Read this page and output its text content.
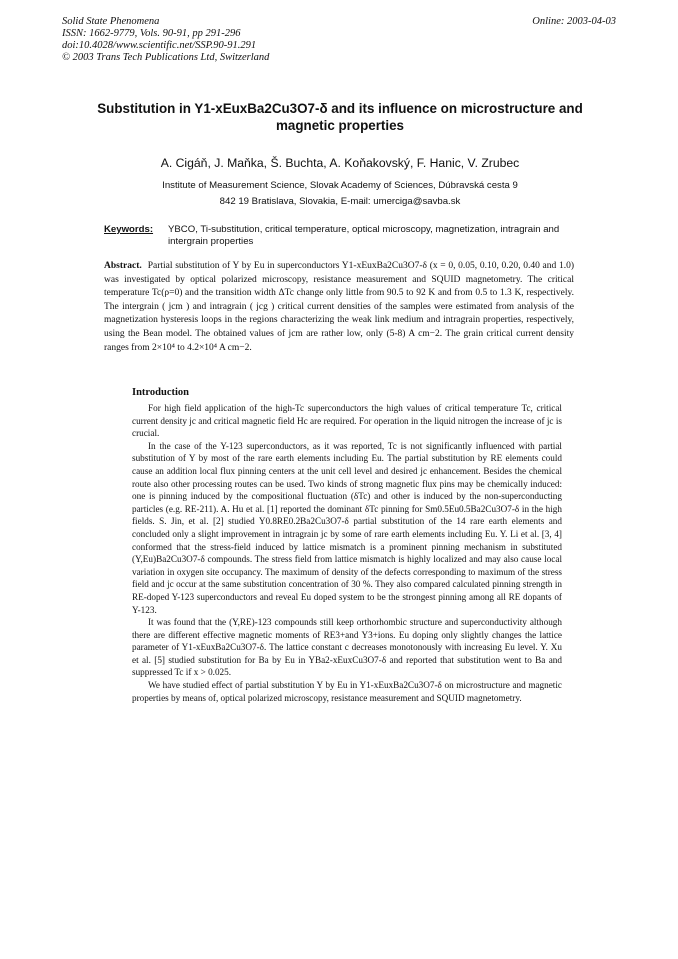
Solid State Phenomena
ISSN: 1662-9779, Vols. 90-91, pp 291-296
doi:10.4028/www.scientific.net/SSP.90-91.291
© 2003 Trans Tech Publications Ltd, Switzerland
Online: 2003-04-03
Substitution in Y1-xEuxBa2Cu3O7-δ and its influence on microstructure and magnetic properties
A. Cigáň, J. Maňka, Š. Buchta, A. Koňakovský, F. Hanic, V. Zrubec
Institute of Measurement Science, Slovak Academy of Sciences, Dúbravská cesta 9
842 19 Bratislava, Slovakia, E-mail: umerciga@savba.sk
Keywords: YBCO, Ti-substitution, critical temperature, optical microscopy, magnetization, intragrain and intergrain properties
Abstract. Partial substitution of Y by Eu in superconductors Y1-xEuxBa2Cu3O7-δ (x = 0, 0.05, 0.10, 0.20, 0.40 and 1.0) was investigated by optical polarized microscopy, resistance measurement and SQUID magnetometry. The critical temperature Tc(ρ=0) and the transition width ΔTc change only little from 90.5 to 92 K and from 0.5 to 1.3 K, respectively. The intergrain ( jcm ) and intragrain ( jcg ) critical current densities of the samples were estimated from analysis of the magnetization hysteresis loops in the regions characterizing the weak link medium and intragrain properties, respectively, using the Bean model. The obtained values of jcm are rather low, only (5-8) A cm−2. The grain critical current density ranges from 2×10⁴ to 4.2×10⁴ A cm−2.
Introduction

For high field application of the high-Tc superconductors the high values of critical temperature Tc, critical current density jc and critical magnetic field Hc are required. For operation in the liquid nitrogen the increase of jc is crucial.

In the case of the Y-123 superconductors, as it was reported, Tc is not significantly influenced with partial substitution of Y by most of the rare earth elements including Eu. The partial substitution by RE elements could cause an addition local flux pinning centers at the unit cell level and desired jc enhancement. Besides the chemical route also other processing routes can be used. Two kinds of strong magnetic flux pins may be chemically induced: one is pinning induced by the compositional fluctuation (δTc) and other is induced by the non-superconducting particles (e.g. RE-211). A. Hu et al. [1] reported the dominant δTc pinning for Sm0.5Eu0.5Ba2Cu3O7-δ in the high fields. S. Jin, et al. [2] studied Y0.8RE0.2Ba2Cu3O7-δ partial substitution of the 14 rare earth elements and concluded only a slight improvement in intragrain jc by some of rare earth elements including Eu. Y. Li et al. [3, 4] conformed that the stress-field induced by lattice mismatch is a prominent pinning mechanism in substituted (Y,Eu)Ba2Cu3O7-δ compounds. The stress field from lattice mismatch is highly localized and may also cause local variation in oxygen site occupancy. The maximum of density of the defects corresponding to maximum of the stress field and jc occur at the same substitution concentration of 30 %. They also compared calculated pinning strength in RE-doped Y-123 superconductors and reveal Eu doped system to be the strongest pinning among all RE dopants of Y-123.

It was found that the (Y,RE)-123 compounds still keep orthorhombic structure and superconductivity although there are different effective magnetic moments of RE3+and Y3+ions. Eu doping only slightly changes the lattice parameter of Y1-xEuxBa2Cu3O7-δ. The lattice constant c decreases monotonously with increasing Eu level. Y. Xu et al. [5] studied substitution for Ba by Eu in YBa2-xEuxCu3O7-δ and reported that substitution went to Ba and suppressed Tc if x > 0.025.

We have studied effect of partial substitution Y by Eu in Y1-xEuxBa2Cu3O7-δ on microstructure and magnetic properties by means of, optical polarized microscopy, resistance measurement and SQUID magnetometry.
